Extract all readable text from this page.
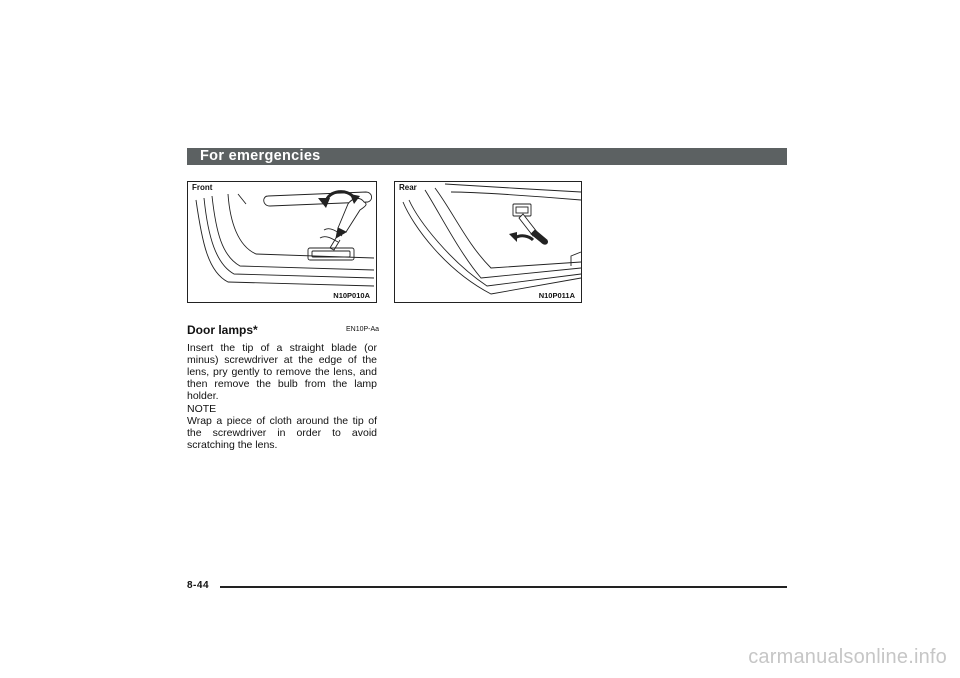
For emergencies
Front
N10P010A
Rear
N10P011A
Door lamps*	EN10P-Aa

Insert the tip of a straight blade (or minus) screwdriver at the edge of the lens, pry gently to remove the lens, and then remove the bulb from the lamp holder.

NOTE

Wrap a piece of cloth around the tip of the screwdriver in order to avoid scratching the lens.

8-44
carmanualsonline.info
